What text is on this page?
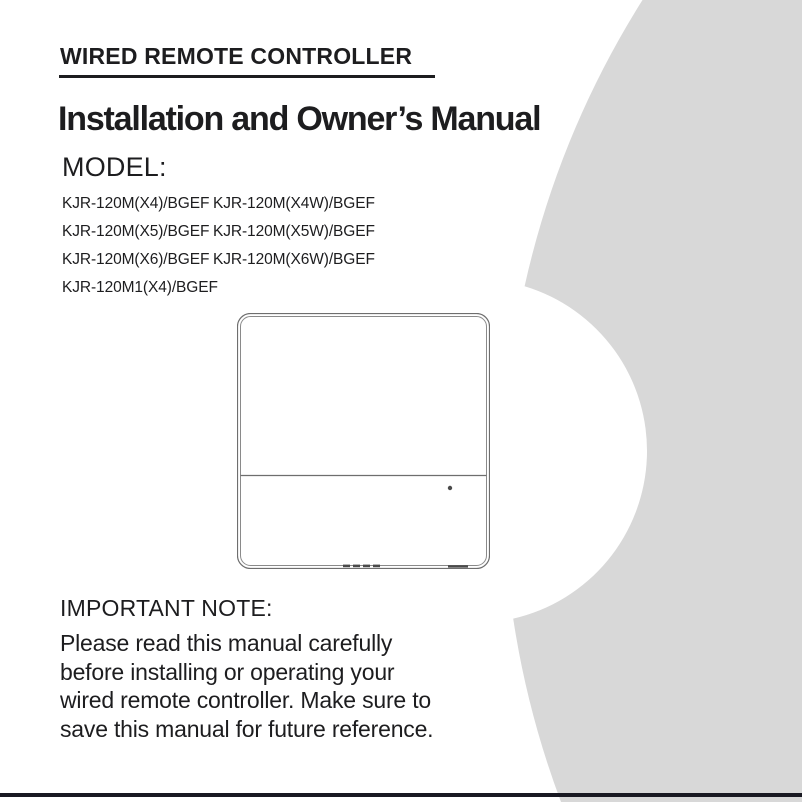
WIRED REMOTE CONTROLLER
Installation and Owner’s Manual
MODEL:
KJR-120M(X4)/BGEF KJR-120M(X4W)/BGEF
KJR-120M(X5)/BGEF KJR-120M(X5W)/BGEF
KJR-120M(X6)/BGEF KJR-120M(X6W)/BGEF
KJR-120M1(X4)/BGEF
IMPORTANT NOTE:
Please read this manual carefully
before installing or operating your
wired remote controller. Make sure to
save this manual for future reference.
